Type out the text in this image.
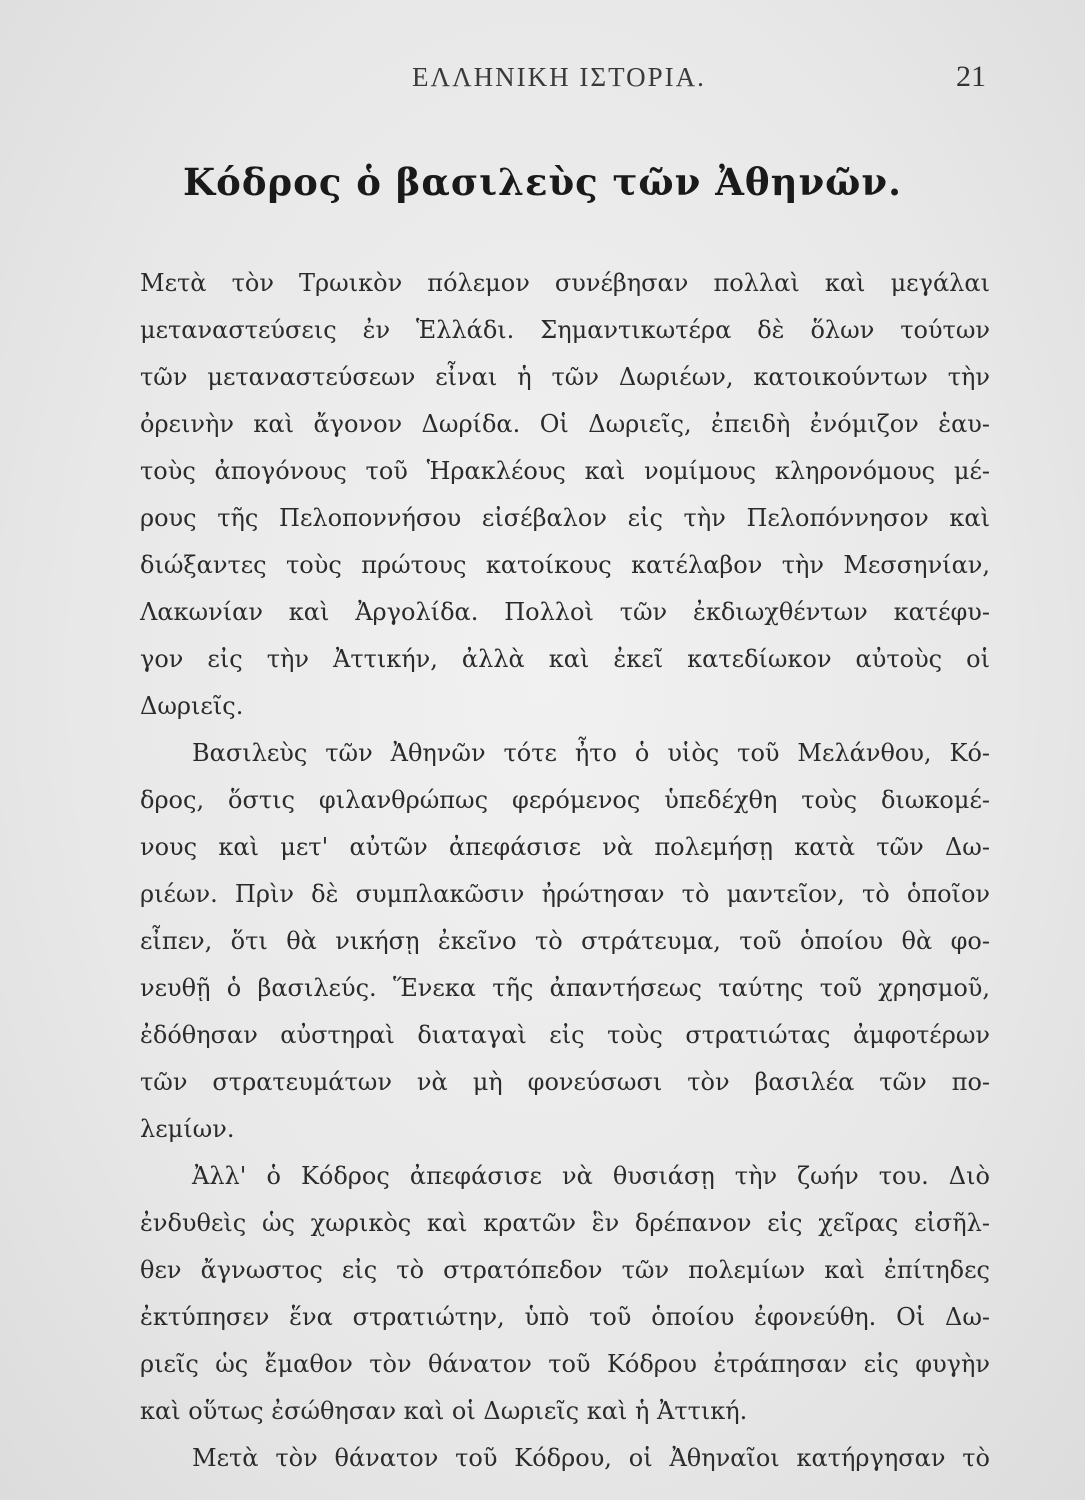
ΕΛΛΗΝΙΚΗ ΙΣΤΟΡΙΑ.	21
Κόδρος ὁ βασιλεὺς τῶν Ἀθηνῶν.
Μετὰ τὸν Τρωικὸν πόλεμον συνέβησαν πολλαὶ καὶ μεγάλαι
μεταναστεύσεις ἐν Ἑλλάδι. Σημαντικωτέρα δὲ ὅλων τούτων
τῶν μεταναστεύσεων εἶναι ἡ τῶν Δωριέων, κατοικούντων τὴν
ὀρεινὴν καὶ ἄγονον Δωρίδα. Οἱ Δωριεῖς, ἐπειδὴ ἐνόμιζον ἑαυ-
τοὺς ἀπογόνους τοῦ Ἡρακλέους καὶ νομίμους κληρονόμους μέ-
ρους τῆς Πελοποννήσου εἰσέβαλον εἰς τὴν Πελοπόννησον καὶ
διώξαντες τοὺς πρώτους κατοίκους κατέλαβον τὴν Μεσσηνίαν,
Λακωνίαν καὶ Ἀργολίδα. Πολλοὶ τῶν ἐκδιωχθέντων κατέφυ-
γον εἰς τὴν Ἀττικήν, ἀλλὰ καὶ ἐκεῖ κατεδίωκον αὐτοὺς οἱ
Δωριεῖς.
Βασιλεὺς τῶν Ἀθηνῶν τότε ἦτο ὁ υἱὸς τοῦ Μελάνθου, Κό-
δρος, ὅστις φιλανθρώπως φερόμενος ὑπεδέχθη τοὺς διωκομέ-
νους καὶ μετ' αὐτῶν ἀπεφάσισε νὰ πολεμήσῃ κατὰ τῶν Δω-
ριέων. Πρὶν δὲ συμπλακῶσιν ἠρώτησαν τὸ μαντεῖον, τὸ ὁποῖον
εἶπεν, ὅτι θὰ νικήσῃ ἐκεῖνο τὸ στράτευμα, τοῦ ὁποίου θὰ φο-
νευθῇ ὁ βασιλεύς. Ἕνεκα τῆς ἀπαντήσεως ταύτης τοῦ χρησμοῦ,
ἐδόθησαν αὐστηραὶ διαταγαὶ εἰς τοὺς στρατιώτας ἀμφοτέρων
τῶν στρατευμάτων νὰ μὴ φονεύσωσι τὸν βασιλέα τῶν πο-
λεμίων.
Ἀλλ' ὁ Κόδρος ἀπεφάσισε νὰ θυσιάσῃ τὴν ζωήν του. Διὸ
ἐνδυθεὶς ὡς χωρικὸς καὶ κρατῶν ἓν δρέπανον εἰς χεῖρας εἰσῆλ-
θεν ἄγνωστος εἰς τὸ στρατόπεδον τῶν πολεμίων καὶ ἐπίτηδες
ἐκτύπησεν ἕνα στρατιώτην, ὑπὸ τοῦ ὁποίου ἐφονεύθη. Οἱ Δω-
ριεῖς ὡς ἔμαθον τὸν θάνατον τοῦ Κόδρου ἐτράπησαν εἰς φυγὴν
καὶ οὕτως ἐσώθησαν καὶ οἱ Δωριεῖς καὶ ἡ Ἀττική.
Μετὰ τὸν θάνατον τοῦ Κόδρου, οἱ Ἀθηναῖοι κατήργησαν τὸ
